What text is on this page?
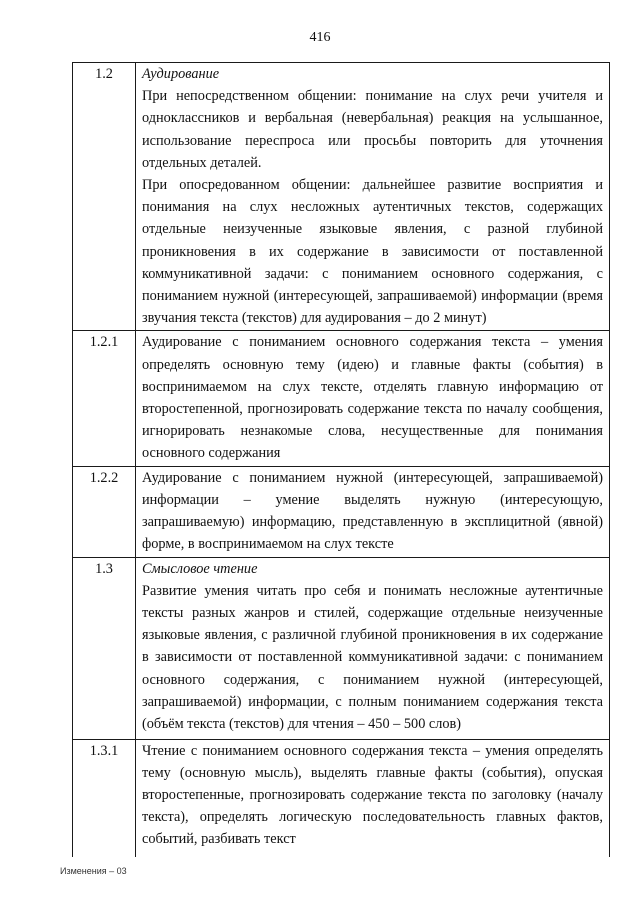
416
1.2	Аудирование

При непосредственном общении: понимание на слух речи учителя и одноклассников и вербальная (невербальная) реакция на услышанное, использование переспроса или просьбы повторить для уточнения отдельных деталей.

При опосредованном общении: дальнейшее развитие восприятия и понимания на слух несложных аутентичных текстов, содержащих отдельные неизученные языковые явления, с разной глубиной проникновения в их содержание в зависимости от поставленной коммуникативной задачи: с пониманием основного содержания, с пониманием нужной (интересующей, запрашиваемой) информации (время звучания текста (текстов) для аудирования – до 2 минут)

1.2.1	Аудирование с пониманием основного содержания текста – умения определять основную тему (идею) и главные факты (события) в воспринимаемом на слух тексте, отделять главную информацию от второстепенной, прогнозировать содержание текста по началу сообщения, игнорировать незнакомые слова, несущественные для понимания основного содержания

1.2.2	Аудирование с пониманием нужной (интересующей, запрашиваемой) информации – умение выделять нужную (интересующую, запрашиваемую) информацию, представленную в эксплицитной (явной) форме, в воспринимаемом на слух тексте

1.3	Смысловое чтение

Развитие умения читать про себя и понимать несложные аутентичные тексты разных жанров и стилей, содержащие отдельные неизученные языковые явления, с различной глубиной проникновения в их содержание в зависимости от поставленной коммуникативной задачи: с пониманием основного содержания, с пониманием нужной (интересующей, запрашиваемой) информации, с полным пониманием содержания текста (объём текста (текстов) для чтения – 450 – 500 слов)

1.3.1	Чтение с пониманием основного содержания текста – умения определять тему (основную мысль), выделять главные факты (события), опуская второстепенные, прогнозировать содержание текста по заголовку (началу текста), определять логическую последовательность главных фактов, событий, разбивать текст

Изменения – 03
